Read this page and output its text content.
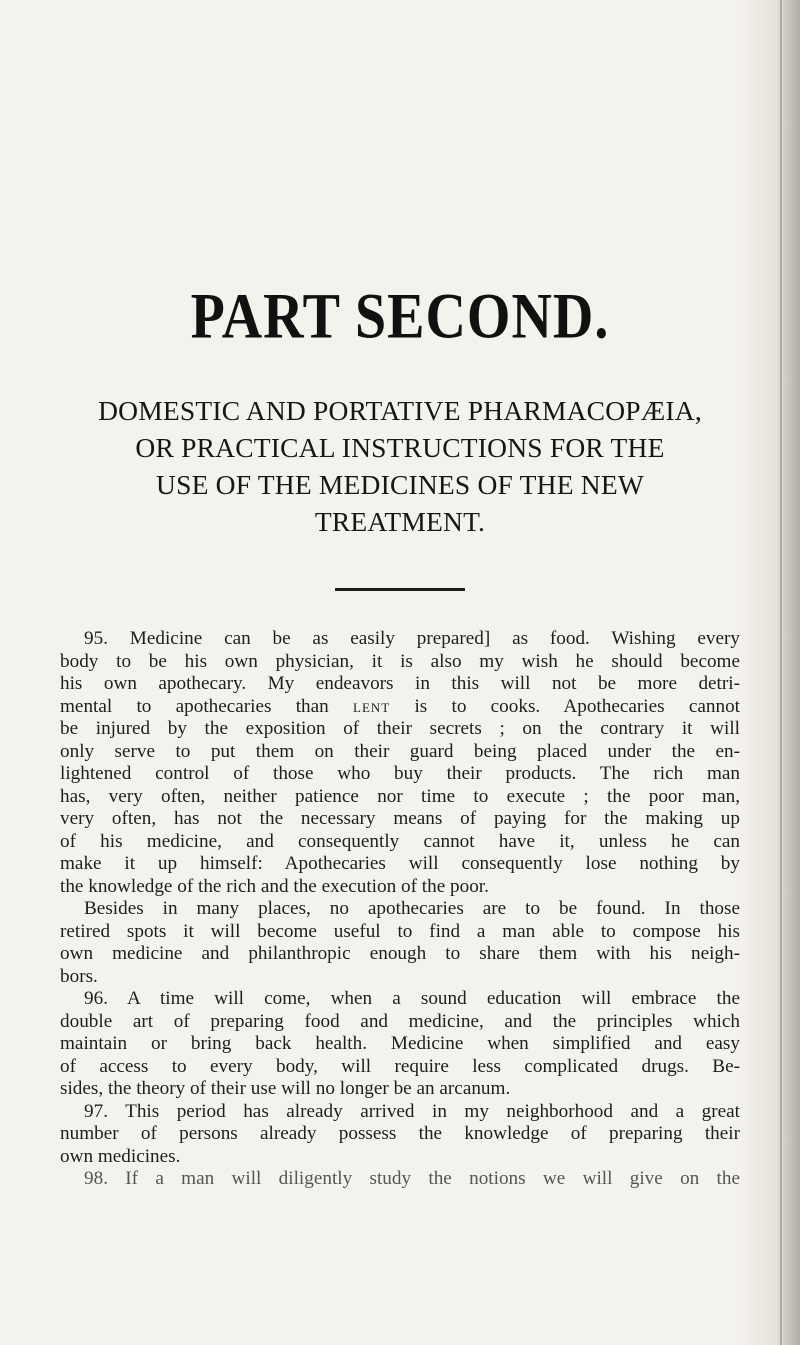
PART SECOND.
DOMESTIC AND PORTATIVE PHARMACOPÆIA,
OR PRACTICAL INSTRUCTIONS FOR THE
USE OF THE MEDICINES OF THE NEW
TREATMENT.
95. Medicine can be as easily prepared] as food. Wishing every
body to be his own physician, it is also my wish he should become
his own apothecary. My endeavors in this will not be more detri-
mental to apothecaries than lent is to cooks. Apothecaries cannot
be injured by the exposition of their secrets ; on the contrary it will
only serve to put them on their guard being placed under the en-
lightened control of those who buy their products. The rich man
has, very often, neither patience nor time to execute ; the poor man,
very often, has not the necessary means of paying for the making up
of his medicine, and consequently cannot have it, unless he can
make it up himself: Apothecaries will consequently lose nothing by
the knowledge of the rich and the execution of the poor.
Besides in many places, no apothecaries are to be found. In those
retired spots it will become useful to find a man able to compose his
own medicine and philanthropic enough to share them with his neigh-
bors.
96. A time will come, when a sound education will embrace the
double art of preparing food and medicine, and the principles which
maintain or bring back health. Medicine when simplified and easy
of access to every body, will require less complicated drugs. Be-
sides, the theory of their use will no longer be an arcanum.
97. This period has already arrived in my neighborhood and a great
number of persons already possess the knowledge of preparing their
own medicines.
98. If a man will diligently study the notions we will give on the
